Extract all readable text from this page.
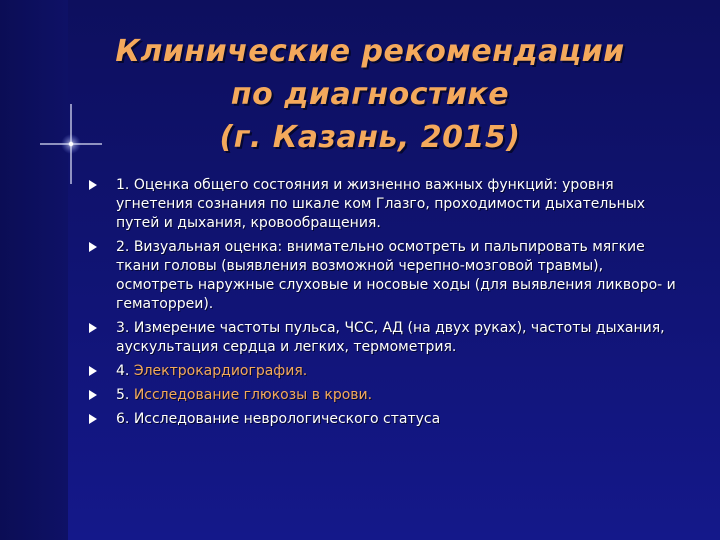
Клинические рекомендации
по диагностике
(г. Казань, 2015)
1. Оценка общего состояния и жизненно важных функций: уровня угнетения сознания по шкале ком Глазго, проходимости дыхательных путей и дыхания, кровообращения.
2. Визуальная оценка: внимательно осмотреть и пальпировать мягкие ткани головы (выявления возможной черепно-мозговой травмы), осмотреть наружные слуховые и носовые ходы (для выявления ликворо- и гематорреи).
3. Измерение частоты пульса, ЧСС, АД (на двух руках), частоты дыхания, аускультация сердца и легких, термометрия.
4. Электрокардиография.
5. Исследование глюкозы в крови.
6. Исследование неврологического статуса
